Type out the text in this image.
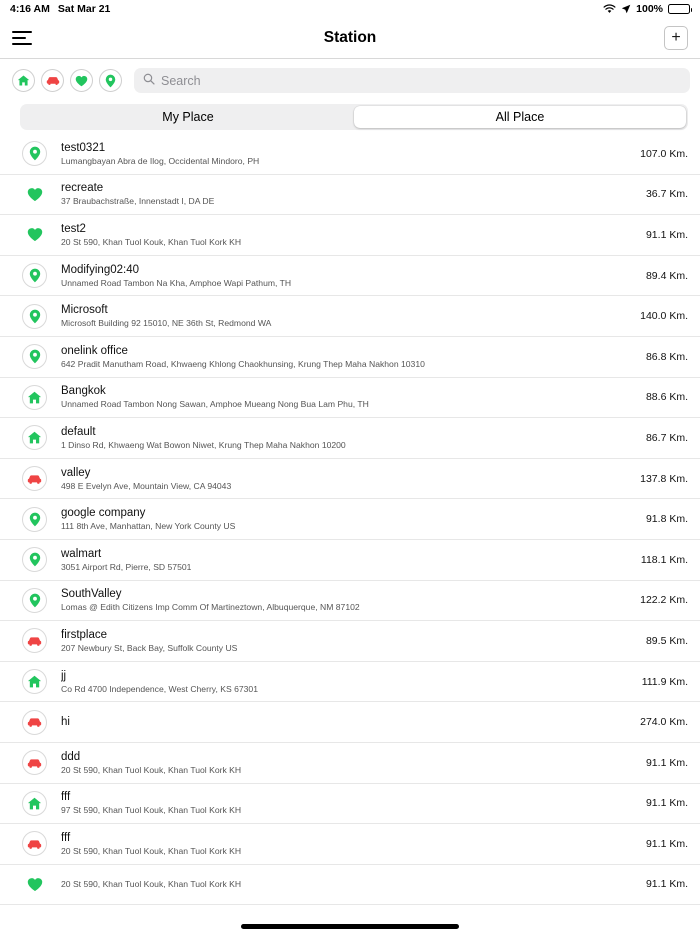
4:16 AM Sat Mar 21	100%
Station	+
Search
My Place	All Place
test0321
Lumangbayan Abra de Ilog, Occidental Mindoro, PH
107.0 Km.
recreate
37 Braubachstraße, Innenstadt I, DA DE
36.7 Km.
test2
20 St 590, Khan Tuol Kouk, Khan Tuol Kork KH
91.1 Km.
Modifying02:40
Unnamed Road Tambon Na Kha, Amphoe Wapi Pathum, TH
89.4 Km.
Microsoft
Microsoft Building 92 15010, NE 36th St, Redmond WA
140.0 Km.
onelink office
642 Pradit Manutham Road, Khwaeng Khlong Chaokhunsing, Krung Thep Maha Nakhon 10310
86.8 Km.
Bangkok
Unnamed Road Tambon Nong Sawan, Amphoe Mueang Nong Bua Lam Phu, TH
88.6 Km.
default
1 Dinso Rd, Khwaeng Wat Bowon Niwet, Krung Thep Maha Nakhon 10200
86.7 Km.
valley
498 E Evelyn Ave, Mountain View, CA 94043
137.8 Km.
google company
111 8th Ave, Manhattan, New York County US
91.8 Km.
walmart
3051 Airport Rd, Pierre, SD 57501
118.1 Km.
SouthValley
Lomas @ Edith Citizens Imp Comm Of Martineztown, Albuquerque, NM 87102
122.2 Km.
firstplace
207 Newbury St, Back Bay, Suffolk County US
89.5 Km.
jj
Co Rd 4700 Independence, West Cherry, KS 67301
111.9 Km.
hi	274.0 Km.
ddd
20 St 590, Khan Tuol Kouk, Khan Tuol Kork KH
91.1 Km.
fff
97 St 590, Khan Tuol Kouk, Khan Tuol Kork KH
91.1 Km.
fff
20 St 590, Khan Tuol Kouk, Khan Tuol Kork KH
91.1 Km.
20 St 590, Khan Tuol Kouk, Khan Tuol Kork KH	91.1 Km.
